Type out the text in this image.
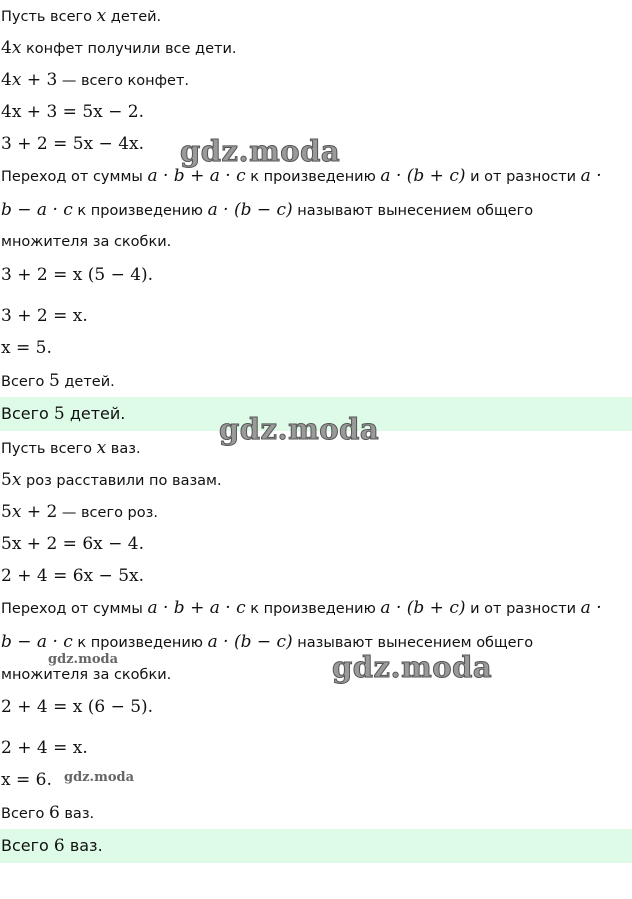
Пусть всего x детей.
4x конфет получили все дети.
4x + 3 — всего конфет.
4x + 3 = 5x − 2.
3 + 2 = 5x − 4x.
Переход от суммы a · b + a · c к произведению a · (b + c) и от разности a ·
b − a · c к произведению a · (b − c) называют вынесением общего
множителя за скобки.
3 + 2 = x (5 − 4).
3 + 2 = x.
x = 5.
Всего 5 детей.
Всего 5 детей.
Пусть всего x ваз.
5x роз расставили по вазам.
5x + 2 — всего роз.
5x + 2 = 6x − 4.
2 + 4 = 6x − 5x.
Переход от суммы a · b + a · c к произведению a · (b + c) и от разности a ·
b − a · c к произведению a · (b − c) называют вынесением общего
множителя за скобки.
2 + 4 = x (6 − 5).
2 + 4 = x.
x = 6.
Всего 6 ваз.
Всего 6 ваз.
gdz.moda
gdz.moda
gdz.moda
gdz.moda
gdz.moda
